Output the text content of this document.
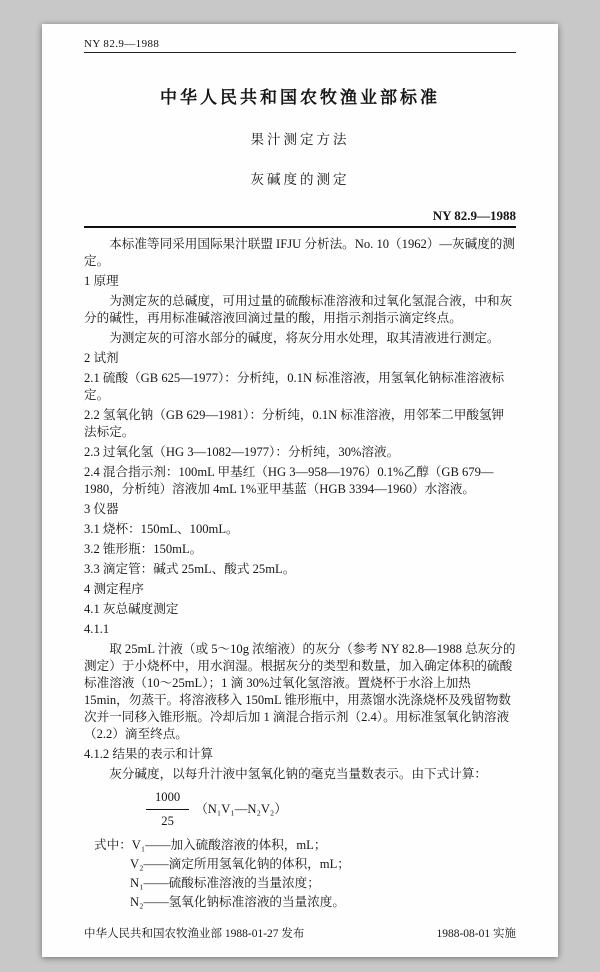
NY 82.9—1988
中华人民共和国农牧渔业部标准
果汁测定方法
灰碱度的测定
NY 82.9—1988

本标准等同采用国际果汁联盟 IFJU 分析法。No. 10（1962）—灰碱度的测定。

1 原理

为测定灰的总碱度，可用过量的硫酸标准溶液和过氧化氢混合液，中和灰分的碱性，再用标准碱溶液回滴过量的酸，用指示剂指示滴定终点。

为测定灰的可溶水部分的碱度，将灰分用水处理，取其清液进行测定。

2 试剂

2.1 硫酸（GB 625—1977）：分析纯，0.1N 标准溶液，用氢氧化钠标准溶液标定。

2.2 氢氧化钠（GB 629—1981）：分析纯，0.1N 标准溶液，用邻苯二甲酸氢钾法标定。

2.3 过氧化氢（HG 3—1082—1977）：分析纯，30%溶液。

2.4 混合指示剂：100mL 甲基红（HG 3—958—1976）0.1%乙醇（GB 679—1980，分析纯）溶液加 4mL 1%亚甲基蓝（HGB 3394—1960）水溶液。

3 仪器

3.1 烧杯：150mL、100mL。

3.2 锥形瓶：150mL。

3.3 滴定管：碱式 25mL、酸式 25mL。

4 测定程序

4.1 灰总碱度测定

4.1.1

取 25mL 汁液（或 5～10g 浓缩液）的灰分（参考 NY 82.8—1988 总灰分的测定）于小烧杯中，用水润湿。根据灰分的类型和数量，加入确定体积的硫酸标准溶液（10～25mL）；1 滴 30%过氧化氢溶液。置烧杯于水浴上加热 15min，勿蒸干。将溶液移入 150mL 锥形瓶中，用蒸馏水洗涤烧杯及残留物数次并一同移入锥形瓶。冷却后加 1 滴混合指示剂（2.4）。用标准氢氧化钠溶液（2.2）滴至终点。

4.1.2 结果的表示和计算

灰分碱度，以每升汁液中氢氧化钠的毫克当量数表示。由下式计算：

$\frac{1000}{25}$ （N₁V₁—N₂V₂）

式中：V₁——加入硫酸溶液的体积，mL；

V₂——滴定所用氢氧化钠的体积，mL；

N₁——硫酸标准溶液的当量浓度；

N₂——氢氧化钠标准溶液的当量浓度。

中华人民共和国农牧渔业部 1988-01-27 发布	1988-08-01 实施
